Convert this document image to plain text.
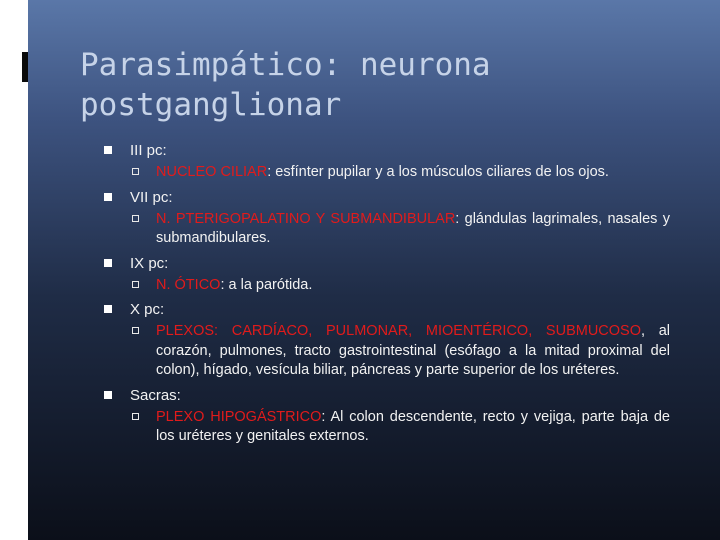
Parasimpático: neurona
postganglionar
III pc:
NUCLEO CILIAR: esfínter pupilar y a los músculos ciliares de los ojos.
VII pc:
N. PTERIGOPALATINO Y SUBMANDIBULAR: glándulas lagrimales, nasales y submandibulares.
IX pc:
N. ÓTICO: a la parótida.
X pc:
PLEXOS: CARDÍACO, PULMONAR, MIOENTÉRICO, SUBMUCOSO, al corazón, pulmones, tracto gastrointestinal (esófago a la mitad proximal del colon), hígado, vesícula biliar, páncreas y parte superior de los uréteres.
Sacras:
PLEXO HIPOGÁSTRICO: Al colon descendente, recto y vejiga, parte baja de los uréteres y genitales externos.
